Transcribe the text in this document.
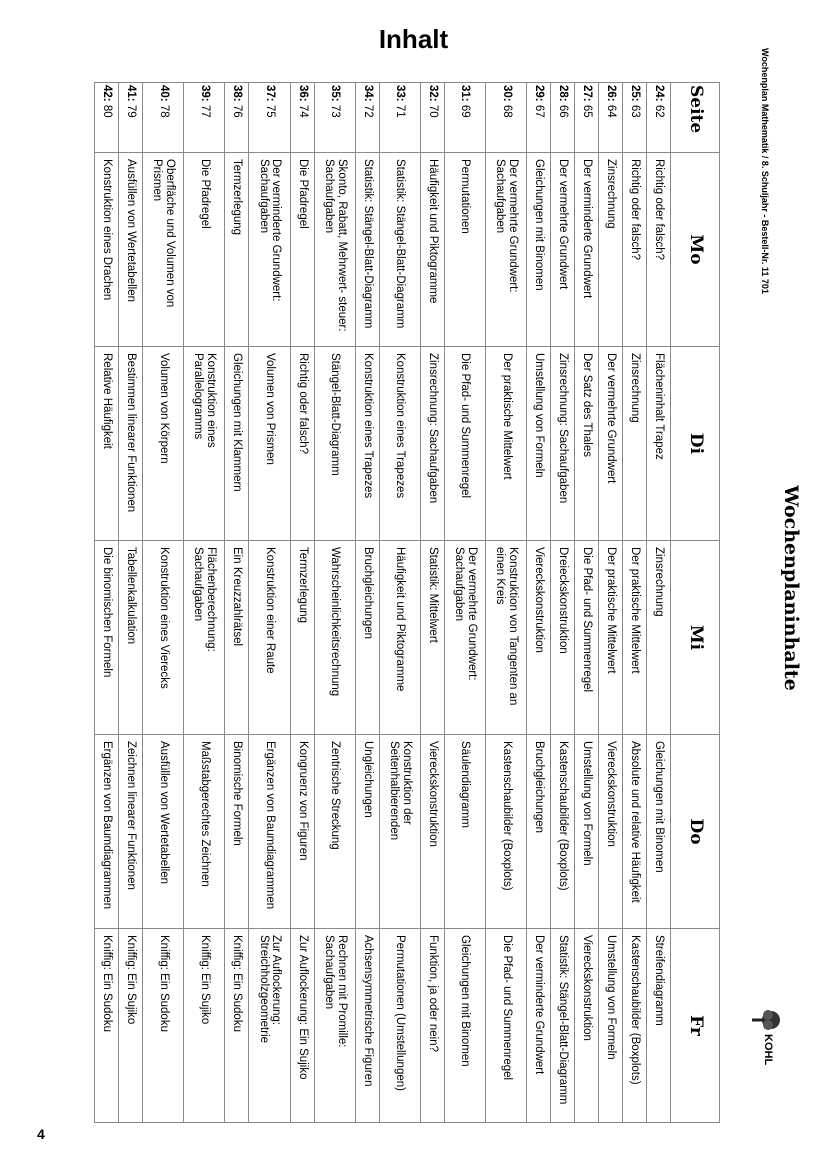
Inhalt
Wochenplan Mathematik / 8. Schuljahr - Bestell-Nr. 11 701
Wochenplaninhalte
KOHL
Seite	Mo	Di	Mi	Do	Fr
24: 62	Richtig oder falsch?	Flächeninhalt Trapez	Zinsrechnung	Gleichungen mit Binomen	Streifendiagramm
25: 63	Richtig oder falsch?	Zinsrechnung	Der praktische Mittelwert	Absolute und relative Häufigkeit	Kastenschaubilder (Boxplots)
26: 64	Zinsrechnung	Der vermehrte Grundwert	Der praktische Mittelwert	Viereckskonstruktion	Umstellung von Formeln
27: 65	Der verminderte Grundwert	Der Satz des Thales	Die Pfad- und Summenregel	Umstellung von Formeln	Viereckskonstruktion
28: 66	Der vermehrte Grundwert	Zinsrechnung: Sachaufgaben	Dreieckskonstruktion	Kastenschaubilder (Boxplots)	Statistik: Stängel-Blatt-Diagramm
29: 67	Gleichungen mit Binomen	Umstellung von Formeln	Viereckskonstruktion	Bruchgleichungen	Der verminderte Grundwert
30: 68	Der vermehrte Grundwert: Sachaufgaben	Der praktische Mittelwert	Konstruktion von Tangenten an einen Kreis	Kastenschaubilder (Boxplots)	Die Pfad- und Summenregel
31: 69	Permutationen	Die Pfad- und Summenregel	Der vermehrte Grundwert: Sachaufgaben	Säulendiagramm	Gleichungen mit Binomen
32: 70	Häufigkeit und Piktogramme	Zinsrechnung: Sachaufgaben	Statistik: Mittelwert	Viereckskonstruktion	Funktion, ja oder nein?
33: 71	Statistik: Stängel-Blatt-Diagramm	Konstruktion eines Trapezes	Häufigkeit und Piktogramme	Konstruktion der Seitenhalbierenden	Permutationen (Umstellungen)
34: 72	Statistik: Stängel-Blatt-Diagramm	Konstruktion eines Trapezes	Bruchgleichungen	Ungleichungen	Achsensymmetrische Figuren
35: 73	Skonto, Rabatt, Mehrwert- steuer: Sachaufgaben	Stängel-Blatt-Diagramm	Wahrscheinlichkeitsrechnung	Zentrische Streckung	Rechnen mit Promille: Sachaufgaben
36: 74	Die Pfadregel	Richtig oder falsch?	Termzerlegung	Kongruenz von Figuren	Zur Auflockerung: Ein Sujiko
37: 75	Der verminderte Grundwert: Sachaufgaben	Volumen von Prismen	Konstruktion einer Raute	Ergänzen von Baumdiagrammen	Zur Auflockerung: Streichholzgeometrie
38: 76	Termzerlegung	Gleichungen mit Klammern	Ein Kreuzzahlrätsel	Binomische Formeln	Kniffig: Ein Sudoku
39: 77	Die Pfadregel	Konstruktion eines Parallelogramms	Flächenberechnung: Sachaufgaben	Maßstabgerechtes Zeichnen	Kniffig: Ein Sujiko
40: 78	Oberfläche und Volumen von Prismen	Volumen von Körpern	Konstruktion eines Vierecks	Ausfüllen von Wertetabellen	Kniffig: Ein Sudoku
41: 79	Ausfüllen von Wertetabellen	Bestimmen linearer Funktionen	Tabellenkalkulation	Zeichnen linearer Funktionen	Kniffig: Ein Sujiko
42: 80	Konstruktion eines Drachen	Relative Häufigkeit	Die binomischen Formeln	Ergänzen von Baumdiagrammen	Kniffig: Ein Sudoku
4
